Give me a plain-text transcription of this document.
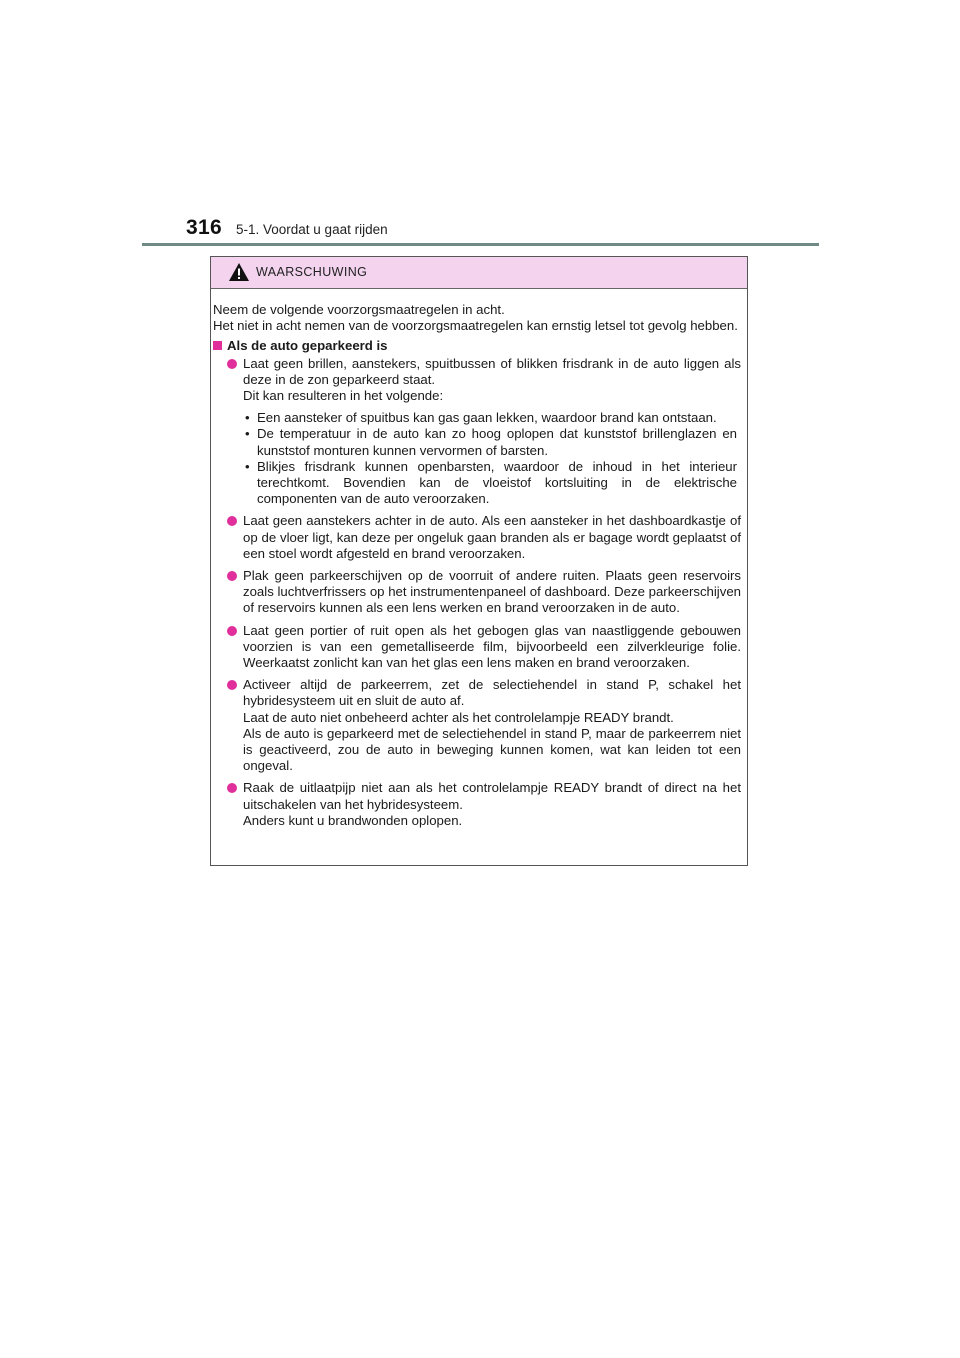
316 5-1. Voordat u gaat rijden
WAARSCHUWING

Neem de volgende voorzorgsmaatregelen in acht.
Het niet in acht nemen van de voorzorgsmaatregelen kan ernstig letsel tot gevolg hebben.

Als de auto geparkeerd is

Laat geen brillen, aanstekers, spuitbussen of blikken frisdrank in de auto liggen als deze in de zon geparkeerd staat.
Dit kan resulteren in het volgende:

• Een aansteker of spuitbus kan gas gaan lekken, waardoor brand kan ontstaan.
• De temperatuur in de auto kan zo hoog oplopen dat kunststof brillenglazen en kunststof monturen kunnen vervormen of barsten.
• Blikjes frisdrank kunnen openbarsten, waardoor de inhoud in het interieur terechtkomt. Bovendien kan de vloeistof kortsluiting in de elektrische componenten van de auto veroorzaken.

Laat geen aanstekers achter in de auto. Als een aansteker in het dashboardkastje of op de vloer ligt, kan deze per ongeluk gaan branden als er bagage wordt geplaatst of een stoel wordt afgesteld en brand veroorzaken.

Plak geen parkeerschijven op de voorruit of andere ruiten. Plaats geen reservoirs zoals luchtverfrissers op het instrumentenpaneel of dashboard. Deze parkeerschijven of reservoirs kunnen als een lens werken en brand veroorzaken in de auto.

Laat geen portier of ruit open als het gebogen glas van naastliggende gebouwen voorzien is van een gemetalliseerde film, bijvoorbeeld een zilverkleurige folie. Weerkaatst zonlicht kan van het glas een lens maken en brand veroorzaken.

Activeer altijd de parkeerrem, zet de selectiehendel in stand P, schakel het hybridesysteem uit en sluit de auto af.
Laat de auto niet onbeheerd achter als het controlelampje READY brandt.
Als de auto is geparkeerd met de selectiehendel in stand P, maar de parkeerrem niet is geactiveerd, zou de auto in beweging kunnen komen, wat kan leiden tot een ongeval.

Raak de uitlaatpijp niet aan als het controlelampje READY brandt of direct na het uitschakelen van het hybridesysteem.
Anders kunt u brandwonden oplopen.
